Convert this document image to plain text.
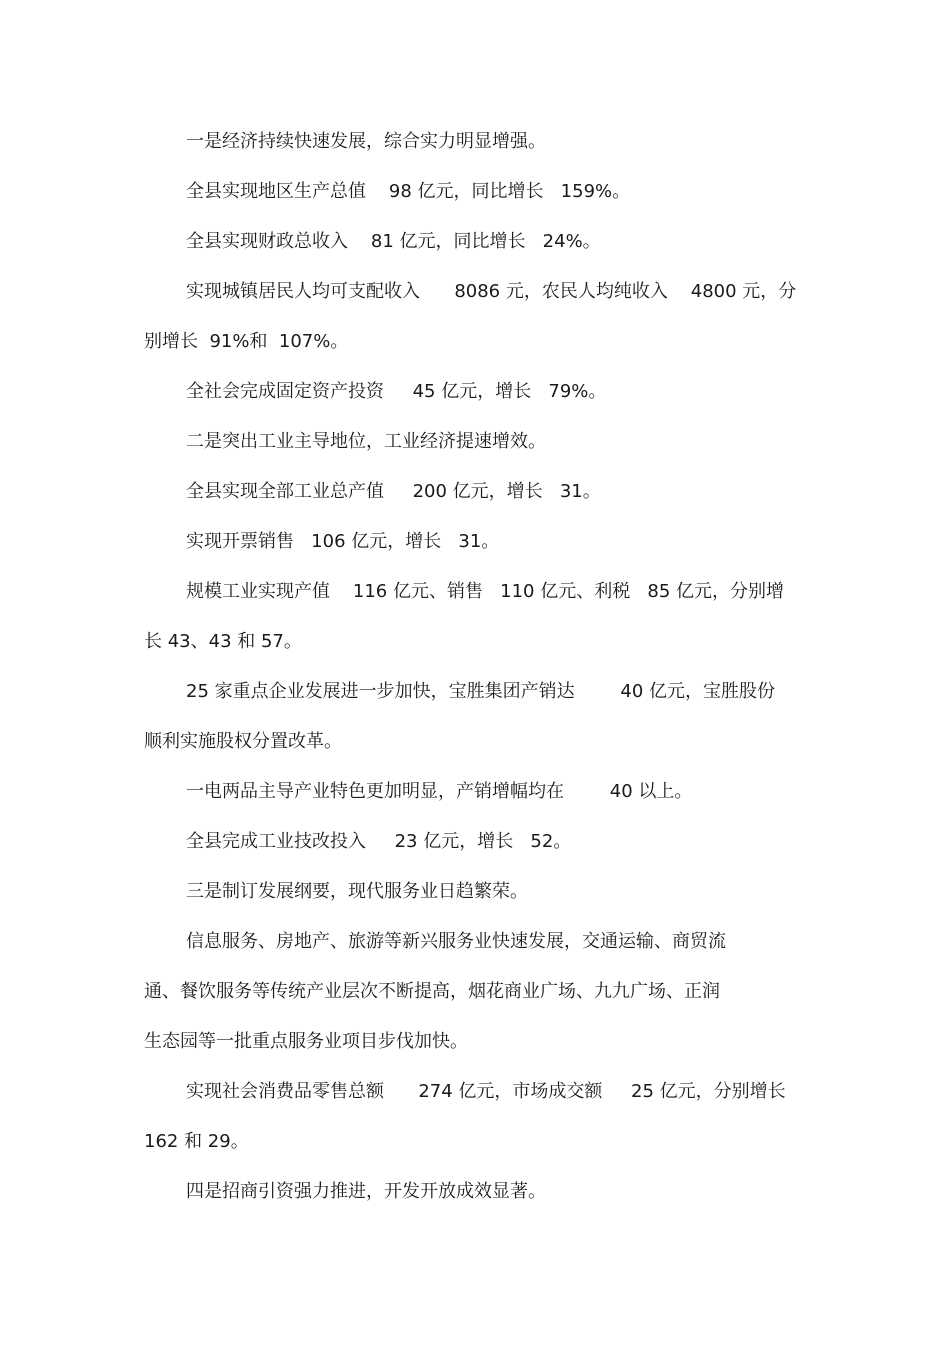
一是经济持续快速发展，综合实力明显增强。
全县实现地区生产总值    98 亿元，同比增长   159%。
全县实现财政总收入    81 亿元，同比增长   24%。
实现城镇居民人均可支配收入      8086 元，农民人均纯收入    4800 元，分
别增长  91%和  107%。
全社会完成固定资产投资     45 亿元，增长   79%。
二是突出工业主导地位，工业经济提速增效。
全县实现全部工业总产值     200 亿元，增长   31。
实现开票销售   106 亿元，增长   31。
规模工业实现产值    116 亿元、销售   110 亿元、利税   85 亿元，分别增
长 43、43 和 57。
25 家重点企业发展进一步加快，宝胜集团产销达        40 亿元，宝胜股份
顺利实施股权分置改革。
一电两品主导产业特色更加明显，产销增幅均在        40 以上。
全县完成工业技改投入     23 亿元，增长   52。
三是制订发展纲要，现代服务业日趋繁荣。
信息服务、房地产、旅游等新兴服务业快速发展，交通运输、商贸流
通、餐饮服务等传统产业层次不断提高，烟花商业广场、九九广场、正润
生态园等一批重点服务业项目步伐加快。
实现社会消费品零售总额      274 亿元，市场成交额     25 亿元，分别增长
162 和 29。
四是招商引资强力推进，开发开放成效显著。
